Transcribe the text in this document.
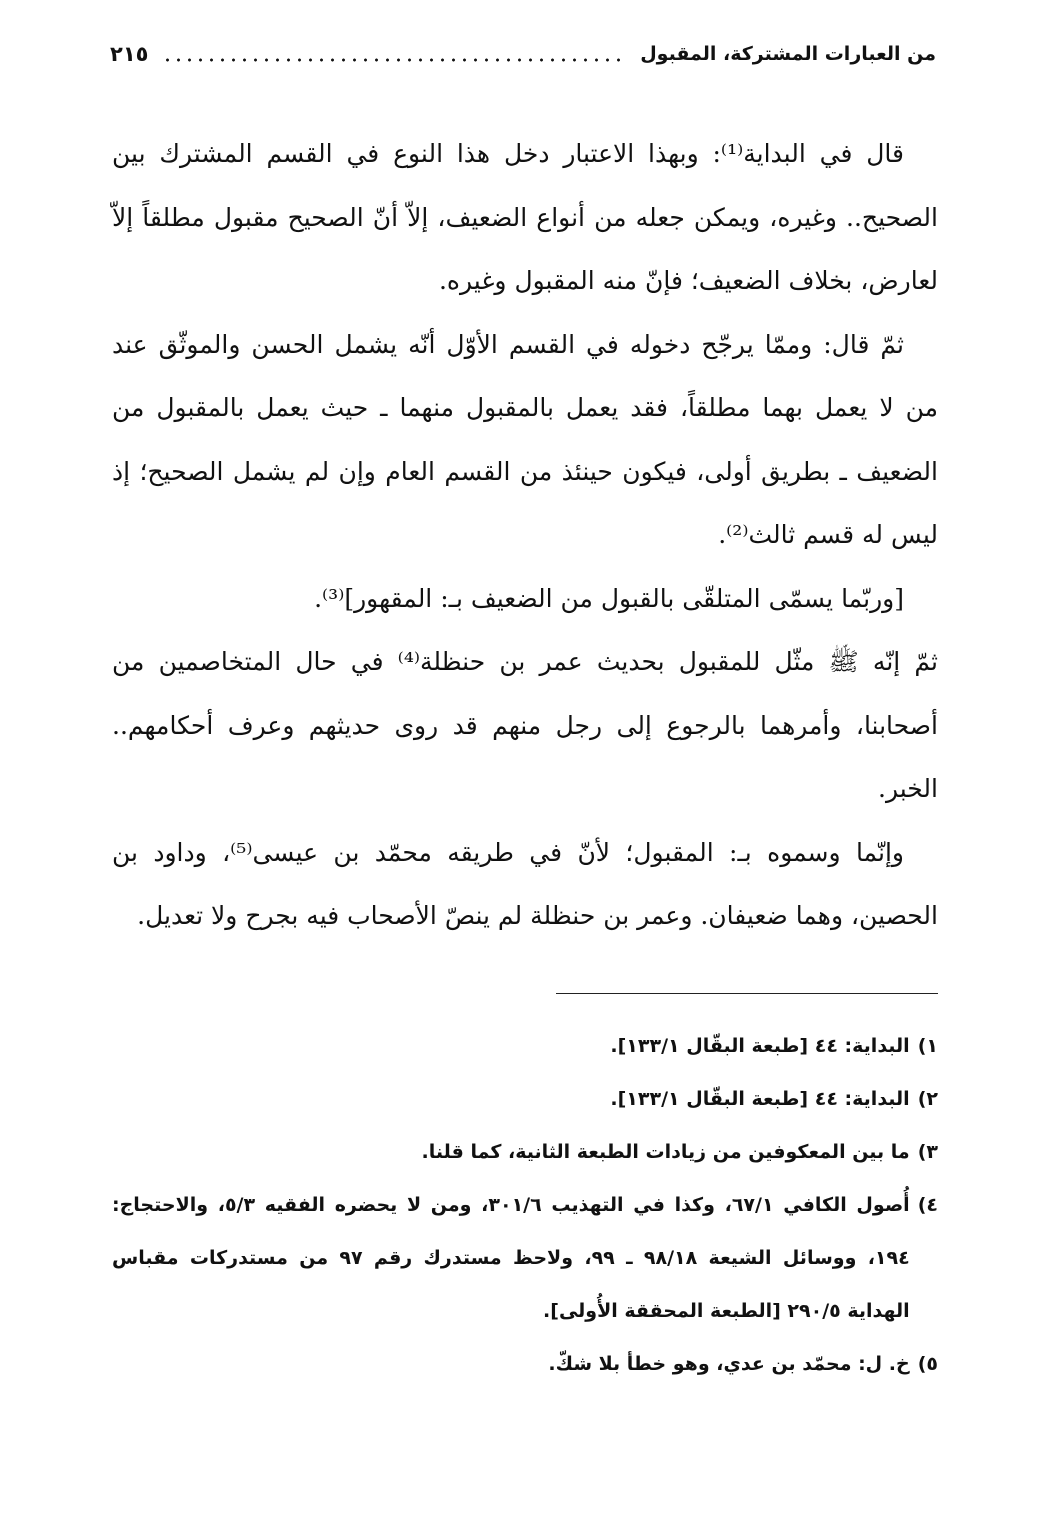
من العبارات المشتركة، المقبول
٢١٥

قال في البداية⁽¹⁾: وبهذا الاعتبار دخل هذا النوع في القسم المشترك بين الصحيح.. وغيره، ويمكن جعله من أنواع الضعيف، إلاّ أنّ الصحيح مقبول مطلقاً إلاّ لعارض، بخلاف الضعيف؛ فإنّ منه المقبول وغيره.

ثمّ قال: وممّا يرجّح دخوله في القسم الأوّل أنّه يشمل الحسن والموثّق عند من لا يعمل بهما مطلقاً، فقد يعمل بالمقبول منهما ـ حيث يعمل بالمقبول من الضعيف ـ بطريق أولى، فيكون حينئذ من القسم العام وإن لم يشمل الصحيح؛ إذ ليس له قسم ثالث⁽²⁾.

[وربّما يسمّى المتلقّى بالقبول من الضعيف بـ: المقهور]⁽³⁾.

ثمّ إنّه ﷺ مثّل للمقبول بحديث عمر بن حنظلة⁽⁴⁾ في حال المتخاصمين من أصحابنا، وأمرهما بالرجوع إلى رجل منهم قد روى حديثهم وعرف أحكامهم.. الخبر.

وإنّما وسموه بـ: المقبول؛ لأنّ في طريقه محمّد بن عيسى⁽⁵⁾، وداود بن الحصين، وهما ضعيفان. وعمر بن حنظلة لم ينصّ الأصحاب فيه بجرح ولا تعديل.

١)
البداية: ٤٤ [طبعة البقّال ١٣٣/١].

٢)
البداية: ٤٤ [طبعة البقّال ١٣٣/١].

٣)
ما بين المعكوفين من زيادات الطبعة الثانية، كما قلنا.

٤)
أُصول الكافي ٦٧/١، وكذا في التهذيب ٣٠١/٦، ومن لا يحضره الفقيه ٥/٣، والاحتجاج: ١٩٤، ووسائل الشيعة ٩٨/١٨ ـ ٩٩، ولاحظ مستدرك رقم ٩٧ من مستدركات مقباس الهداية ٢٩٠/٥ [الطبعة المحققة الأُولى].

٥)
خ. ل: محمّد بن عدي، وهو خطأ بلا شكّ.
